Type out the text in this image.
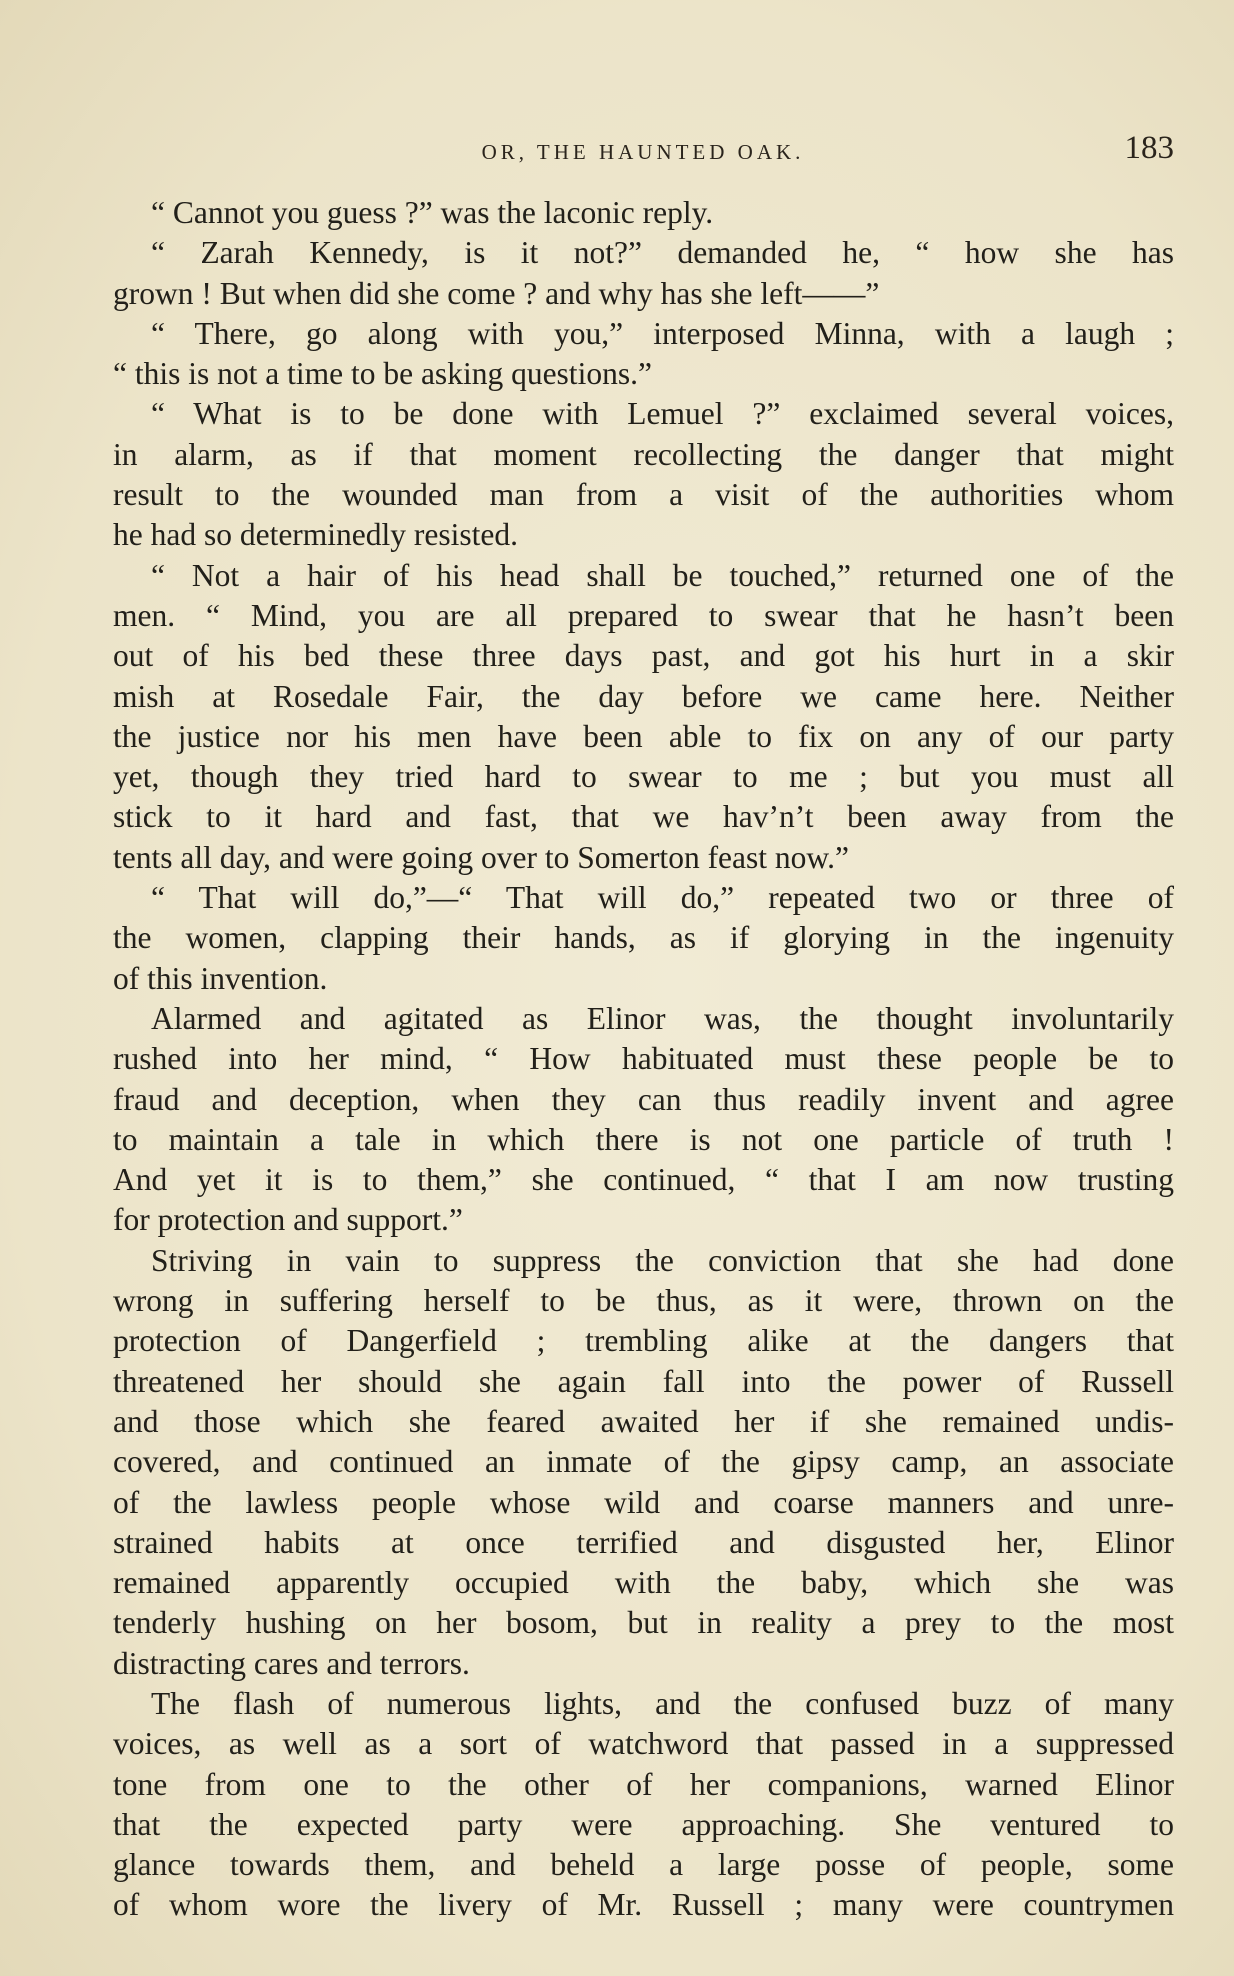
OR, THE HAUNTED OAK.	183
“ Cannot you guess ?” was the laconic reply.
“ Zarah Kennedy, is it not?” demanded he, “ how she has
grown ! But when did she come ? and why has she left——”
“ There, go along with you,” interposed Minna, with a laugh ;
“ this is not a time to be asking questions.”
“ What is to be done with Lemuel ?” exclaimed several voices,
in alarm, as if that moment recollecting the danger that might
result to the wounded man from a visit of the authorities whom
he had so determinedly resisted.
“ Not a hair of his head shall be touched,” returned one of the
men. “ Mind, you are all prepared to swear that he hasn’t been
out of his bed these three days past, and got his hurt in a skir
mish at Rosedale Fair, the day before we came here. Neither
the justice nor his men have been able to fix on any of our party
yet, though they tried hard to swear to me ; but you must all
stick to it hard and fast, that we hav’n’t been away from the
tents all day, and were going over to Somerton feast now.”
“ That will do,”—“ That will do,” repeated two or three of
the women, clapping their hands, as if glorying in the ingenuity
of this invention.
Alarmed and agitated as Elinor was, the thought involuntarily
rushed into her mind, “ How habituated must these people be to
fraud and deception, when they can thus readily invent and agree
to maintain a tale in which there is not one particle of truth !
And yet it is to them,” she continued, “ that I am now trusting
for protection and support.”
Striving in vain to suppress the conviction that she had done
wrong in suffering herself to be thus, as it were, thrown on the
protection of Dangerfield ; trembling alike at the dangers that
threatened her should she again fall into the power of Russell
and those which she feared awaited her if she remained undis-
covered, and continued an inmate of the gipsy camp, an associate
of the lawless people whose wild and coarse manners and unre-
strained habits at once terrified and disgusted her, Elinor
remained apparently occupied with the baby, which she was
tenderly hushing on her bosom, but in reality a prey to the most
distracting cares and terrors.
The flash of numerous lights, and the confused buzz of many
voices, as well as a sort of watchword that passed in a suppressed
tone from one to the other of her companions, warned Elinor
that the expected party were approaching. She ventured to
glance towards them, and beheld a large posse of people, some
of whom wore the livery of Mr. Russell ; many were countrymen
